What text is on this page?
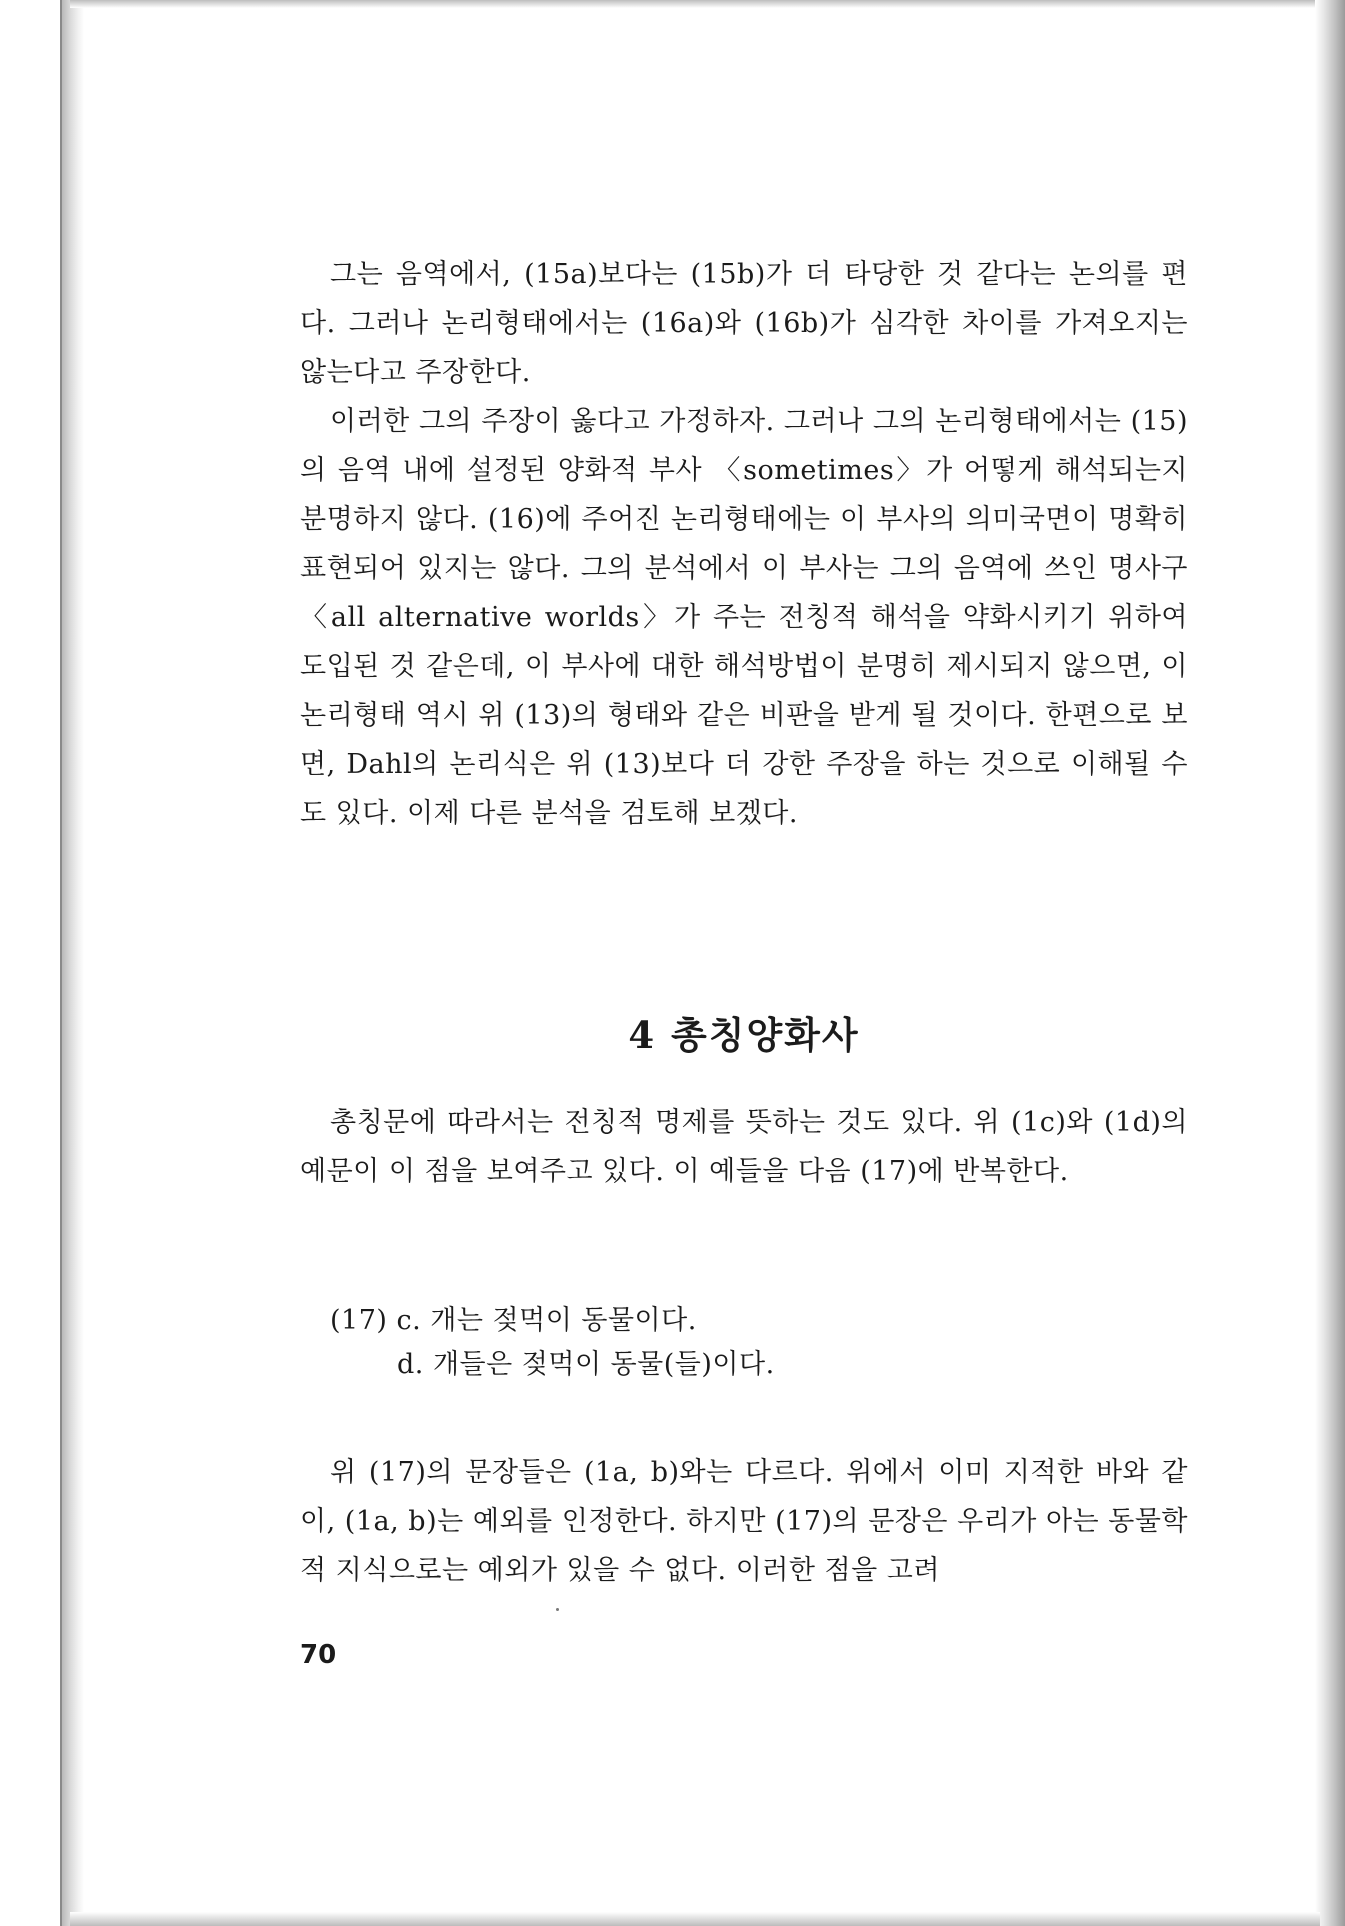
그는 음역에서, (15a)보다는 (15b)가 더 타당한 것 같다는 논의를 편다. 그러나 논리형태에서는 (16a)와 (16b)가 심각한 차이를 가져오지는 않는다고 주장한다.

이러한 그의 주장이 옳다고 가정하자. 그러나 그의 논리형태에서는 (15)의 음역 내에 설정된 양화적 부사 〈sometimes〉가 어떻게 해석되는지 분명하지 않다. (16)에 주어진 논리형태에는 이 부사의 의미국면이 명확히 표현되어 있지는 않다. 그의 분석에서 이 부사는 그의 음역에 쓰인 명사구 〈all alternative worlds〉가 주는 전칭적 해석을 약화시키기 위하여 도입된 것 같은데, 이 부사에 대한 해석방법이 분명히 제시되지 않으면, 이 논리형태 역시 위 (13)의 형태와 같은 비판을 받게 될 것이다. 한편으로 보면, Dahl의 논리식은 위 (13)보다 더 강한 주장을 하는 것으로 이해될 수도 있다. 이제 다른 분석을 검토해 보겠다.

4 총칭양화사

총칭문에 따라서는 전칭적 명제를 뜻하는 것도 있다. 위 (1c)와 (1d)의 예문이 이 점을 보여주고 있다. 이 예들을 다음 (17)에 반복한다.

(17) c. 개는 젖먹이 동물이다.

d. 개들은 젖먹이 동물(들)이다.

위 (17)의 문장들은 (1a, b)와는 다르다. 위에서 이미 지적한 바와 같이, (1a, b)는 예외를 인정한다. 하지만 (17)의 문장은 우리가 아는 동물학적 지식으로는 예외가 있을 수 없다. 이러한 점을 고려

70
